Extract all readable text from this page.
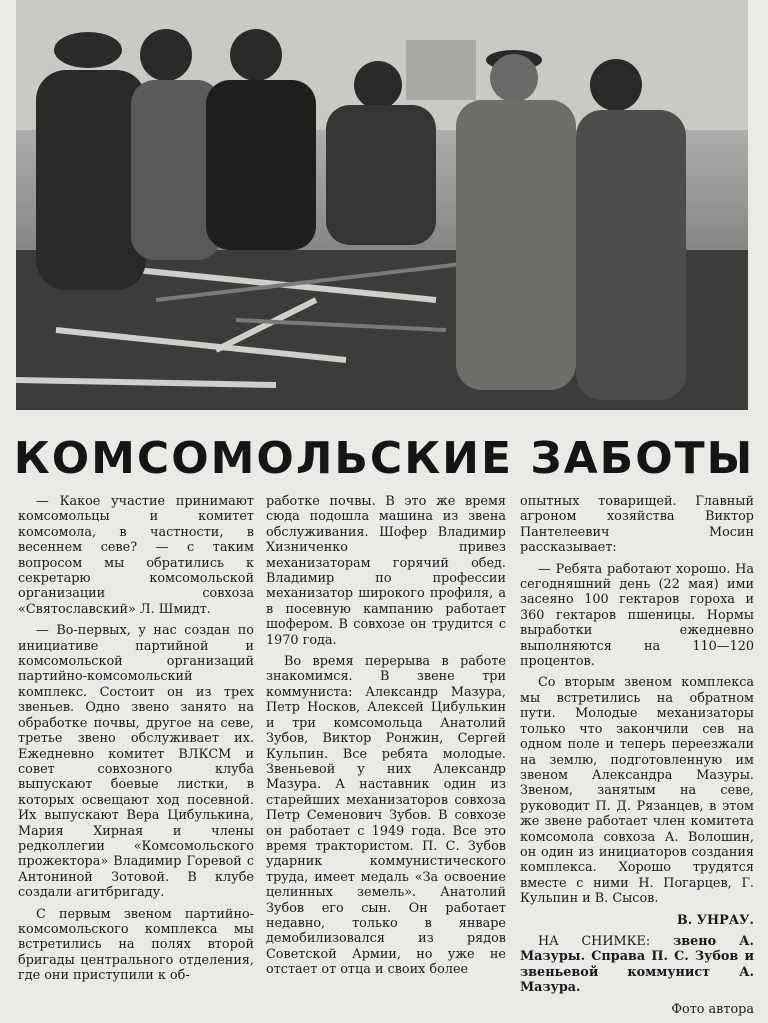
КОМСОМОЛЬСКИЕ ЗАБОТЫ

— Какое участие принимают комсомольцы и комитет комсомола, в частности, в весеннем севе? — с таким вопросом мы обратились к секретарю комсомольской организации совхоза «Святославский» Л. Шмидт.

— Во-первых, у нас создан по инициативе партийной и комсомольской организаций партийно-комсомольский комплекс. Состоит он из трех звеньев. Одно звено занято на обработке почвы, другое на севе, третье звено обслуживает их. Ежедневно комитет ВЛКСМ и совет совхозного клуба выпускают боевые листки, в которых освещают ход посевной. Их выпускают Вера Цибулькина, Мария Хирная и члены редколлегии «Комсомольского прожектора» Владимир Горевой с Антониной Зотовой. В клубе создали агитбригаду.

С первым звеном партийно-комсомольского комплекса мы встретились на полях второй бригады центрального отделения, где они приступили к об-

работке почвы. В это же время сюда подошла машина из звена обслуживания. Шофер Владимир Хизниченко привез механизаторам горячий обед. Владимир по профессии механизатор широкого профиля, а в посевную кампанию работает шофером. В совхозе он трудится с 1970 года.

Во время перерыва в работе знакомимся. В звене три коммуниста: Александр Мазура, Петр Носков, Алексей Цибулькин и три комсомольца Анатолий Зубов, Виктор Ронжин, Сергей Кульпин. Все ребята молодые. Звеньевой у них Александр Мазура. А наставник один из старейших механизаторов совхоза Петр Семенович Зубов. В совхозе он работает с 1949 года. Все это время трактористом. П. С. Зубов ударник коммунистического труда, имеет медаль «За освоение целинных земель». Анатолий Зубов его сын. Он работает недавно, только в январе демобилизовался из рядов Советской Армии, но уже не отстает от отца и своих более

опытных товарищей. Главный агроном хозяйства Виктор Пантелеевич Мосин рассказывает:

— Ребята работают хорошо. На сегодняшний день (22 мая) ими засеяно 100 гектаров гороха и 360 гектаров пшеницы. Нормы выработки ежедневно выполняются на 110—120 процентов.

Со вторым звеном комплекса мы встретились на обратном пути. Молодые механизаторы только что закончили сев на одном поле и теперь переезжали на землю, подготовленную им звеном Александра Мазуры. Звеном, занятым на севе, руководит П. Д. Рязанцев, в этом же звене работает член комитета комсомола совхоза А. Волошин, он один из инициаторов создания комплекса. Хорошо трудятся вместе с ними Н. Погарцев, Г. Кульпин и В. Сысов.

В. УНРАУ.

НА СНИМКЕ: звено А. Мазуры. Справа П. С. Зубов и звеньевой коммунист А. Мазура.

Фото автора
